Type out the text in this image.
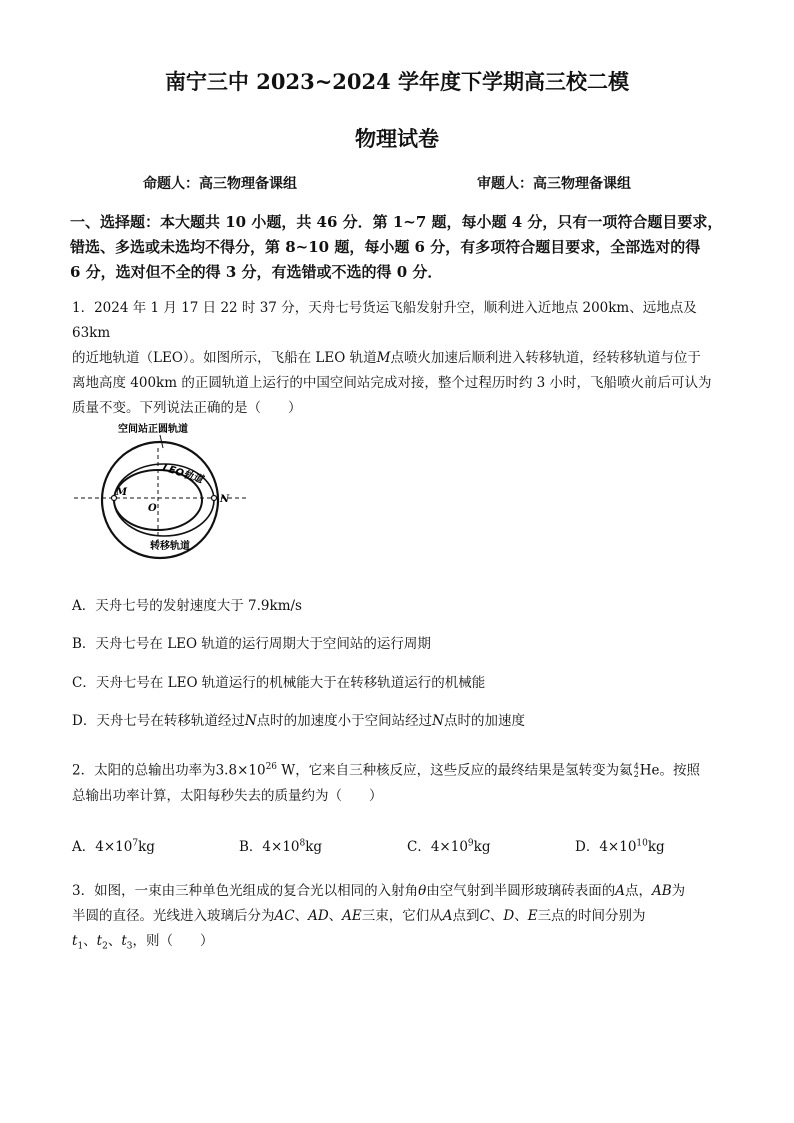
南宁三中 2023~2024 学年度下学期高三校二模
物理试卷
命题人：高三物理备课组	审题人：高三物理备课组
一、选择题：本大题共 10 小题，共 46 分．第 1~7 题，每小题 4 分，只有一项符合题目要求，
错选、多选或未选均不得分，第 8~10 题，每小题 6 分，有多项符合题目要求，全部选对的得
6 分，选对但不全的得 3 分，有选错或不选的得 0 分．
1．2024 年 1 月 17 日 22 时 37 分，天舟七号货运飞船发射升空，顺利进入近地点 200km、远地点及 63km
的近地轨道（LEO）。如图所示，飞船在 LEO 轨道M点喷火加速后顺利进入转移轨道，经转移轨道与位于
离地高度 400km 的正圆轨道上运行的中国空间站完成对接，整个过程历时约 3 小时，飞船喷火前后可认为
质量不变。下列说法正确的是（　　）
空间站正圆轨道
M
N
O
LEO轨道
转移轨道
A．天舟七号的发射速度大于 7.9km/s
B．天舟七号在 LEO 轨道的运行周期大于空间站的运行周期
C．天舟七号在 LEO 轨道运行的机械能大于在转移轨道运行的机械能
D．天舟七号在转移轨道经过N点时的加速度小于空间站经过N点时的加速度
2．太阳的总输出功率为$3.8\times 10^{26}$ W，它来自三种核反应，这些反应的最终结果是氢转变为氦 4
2 He。按照
总输出功率计算，太阳每秒失去的质量约为（　　）
A．$4\times 10^7kg$	B．$4\times 10^8kg$	C．$4\times 10^9kg$	D．$4\times 10^{10}kg$
3．如图，一束由三种单色光组成的复合光以相同的入射角θ由空气射到半圆形玻璃砖表面的A点，AB为
半圆的直径。光线进入玻璃后分为AC、AD、AE三束，它们从A点到C、D、E三点的时间分别为
$t_1$、$t_2$、$t_3$，则（　　）
